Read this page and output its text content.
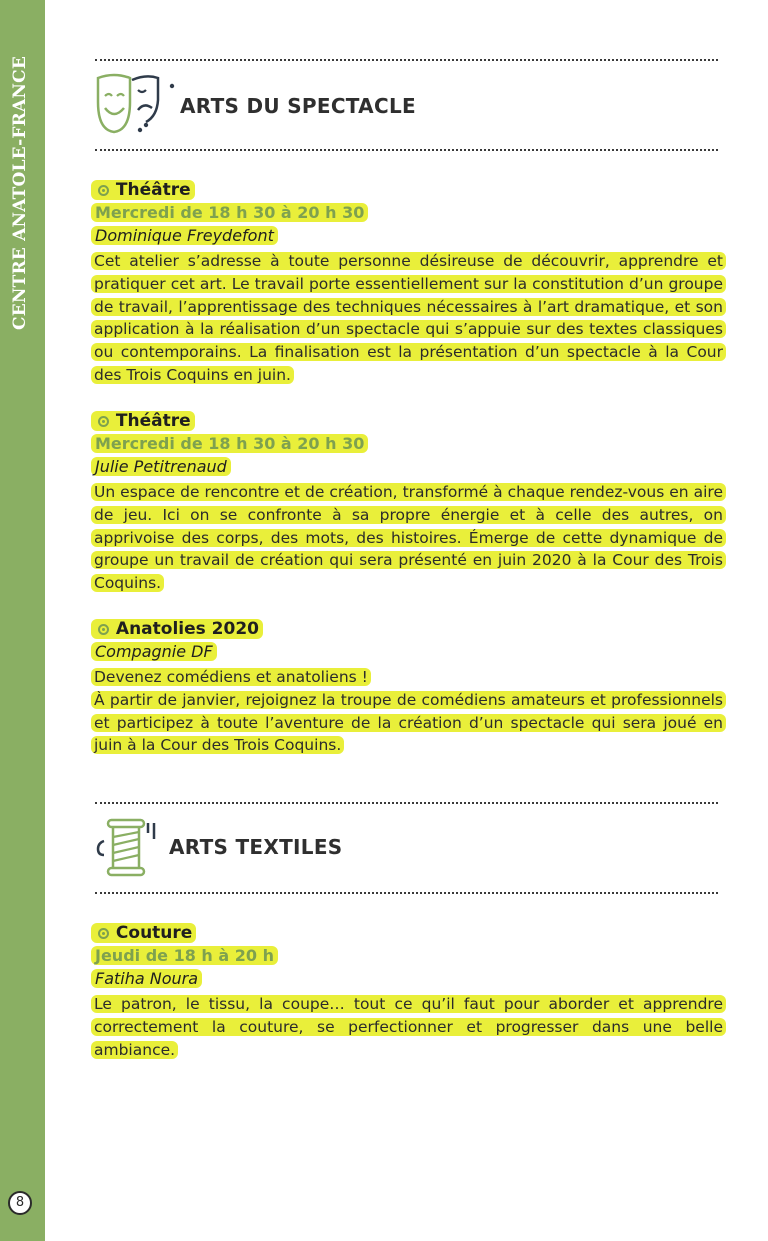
CENTRE ANATOLE-FRANCE
8
ARTS DU SPECTACLE
Théâtre
Mercredi de 18 h 30 à 20 h 30
Dominique Freydefont
Cet atelier s’adresse à toute personne désireuse de découvrir, apprendre et pratiquer cet art. Le travail porte essentiellement sur la constitution d’un groupe de travail, l’apprentissage des techniques nécessaires à l’art dramatique, et son application à la réalisation d’un spectacle qui s’appuie sur des textes classiques ou contemporains. La finalisation est la présentation d’un spectacle à la Cour des Trois Coquins en juin.
Théâtre
Mercredi de 18 h 30 à 20 h 30
Julie Petitrenaud
Un espace de rencontre et de création, transformé à chaque rendez-vous en aire de jeu. Ici on se confronte à sa propre énergie et à celle des autres, on apprivoise des corps, des mots, des histoires. Émerge de cette dynamique de groupe un travail de création qui sera présenté en juin 2020 à la Cour des Trois Coquins.
Anatolies 2020
Compagnie DF
Devenez comédiens et anatoliens !
À partir de janvier, rejoignez la troupe de comédiens amateurs et professionnels et participez à toute l’aventure de la création d’un spectacle qui sera joué en juin à la Cour des Trois Coquins.
ARTS TEXTILES
Couture
Jeudi de 18 h à 20 h
Fatiha Noura
Le patron, le tissu, la coupe… tout ce qu’il faut pour aborder et apprendre correctement la couture, se perfectionner et progresser dans une belle ambiance.
